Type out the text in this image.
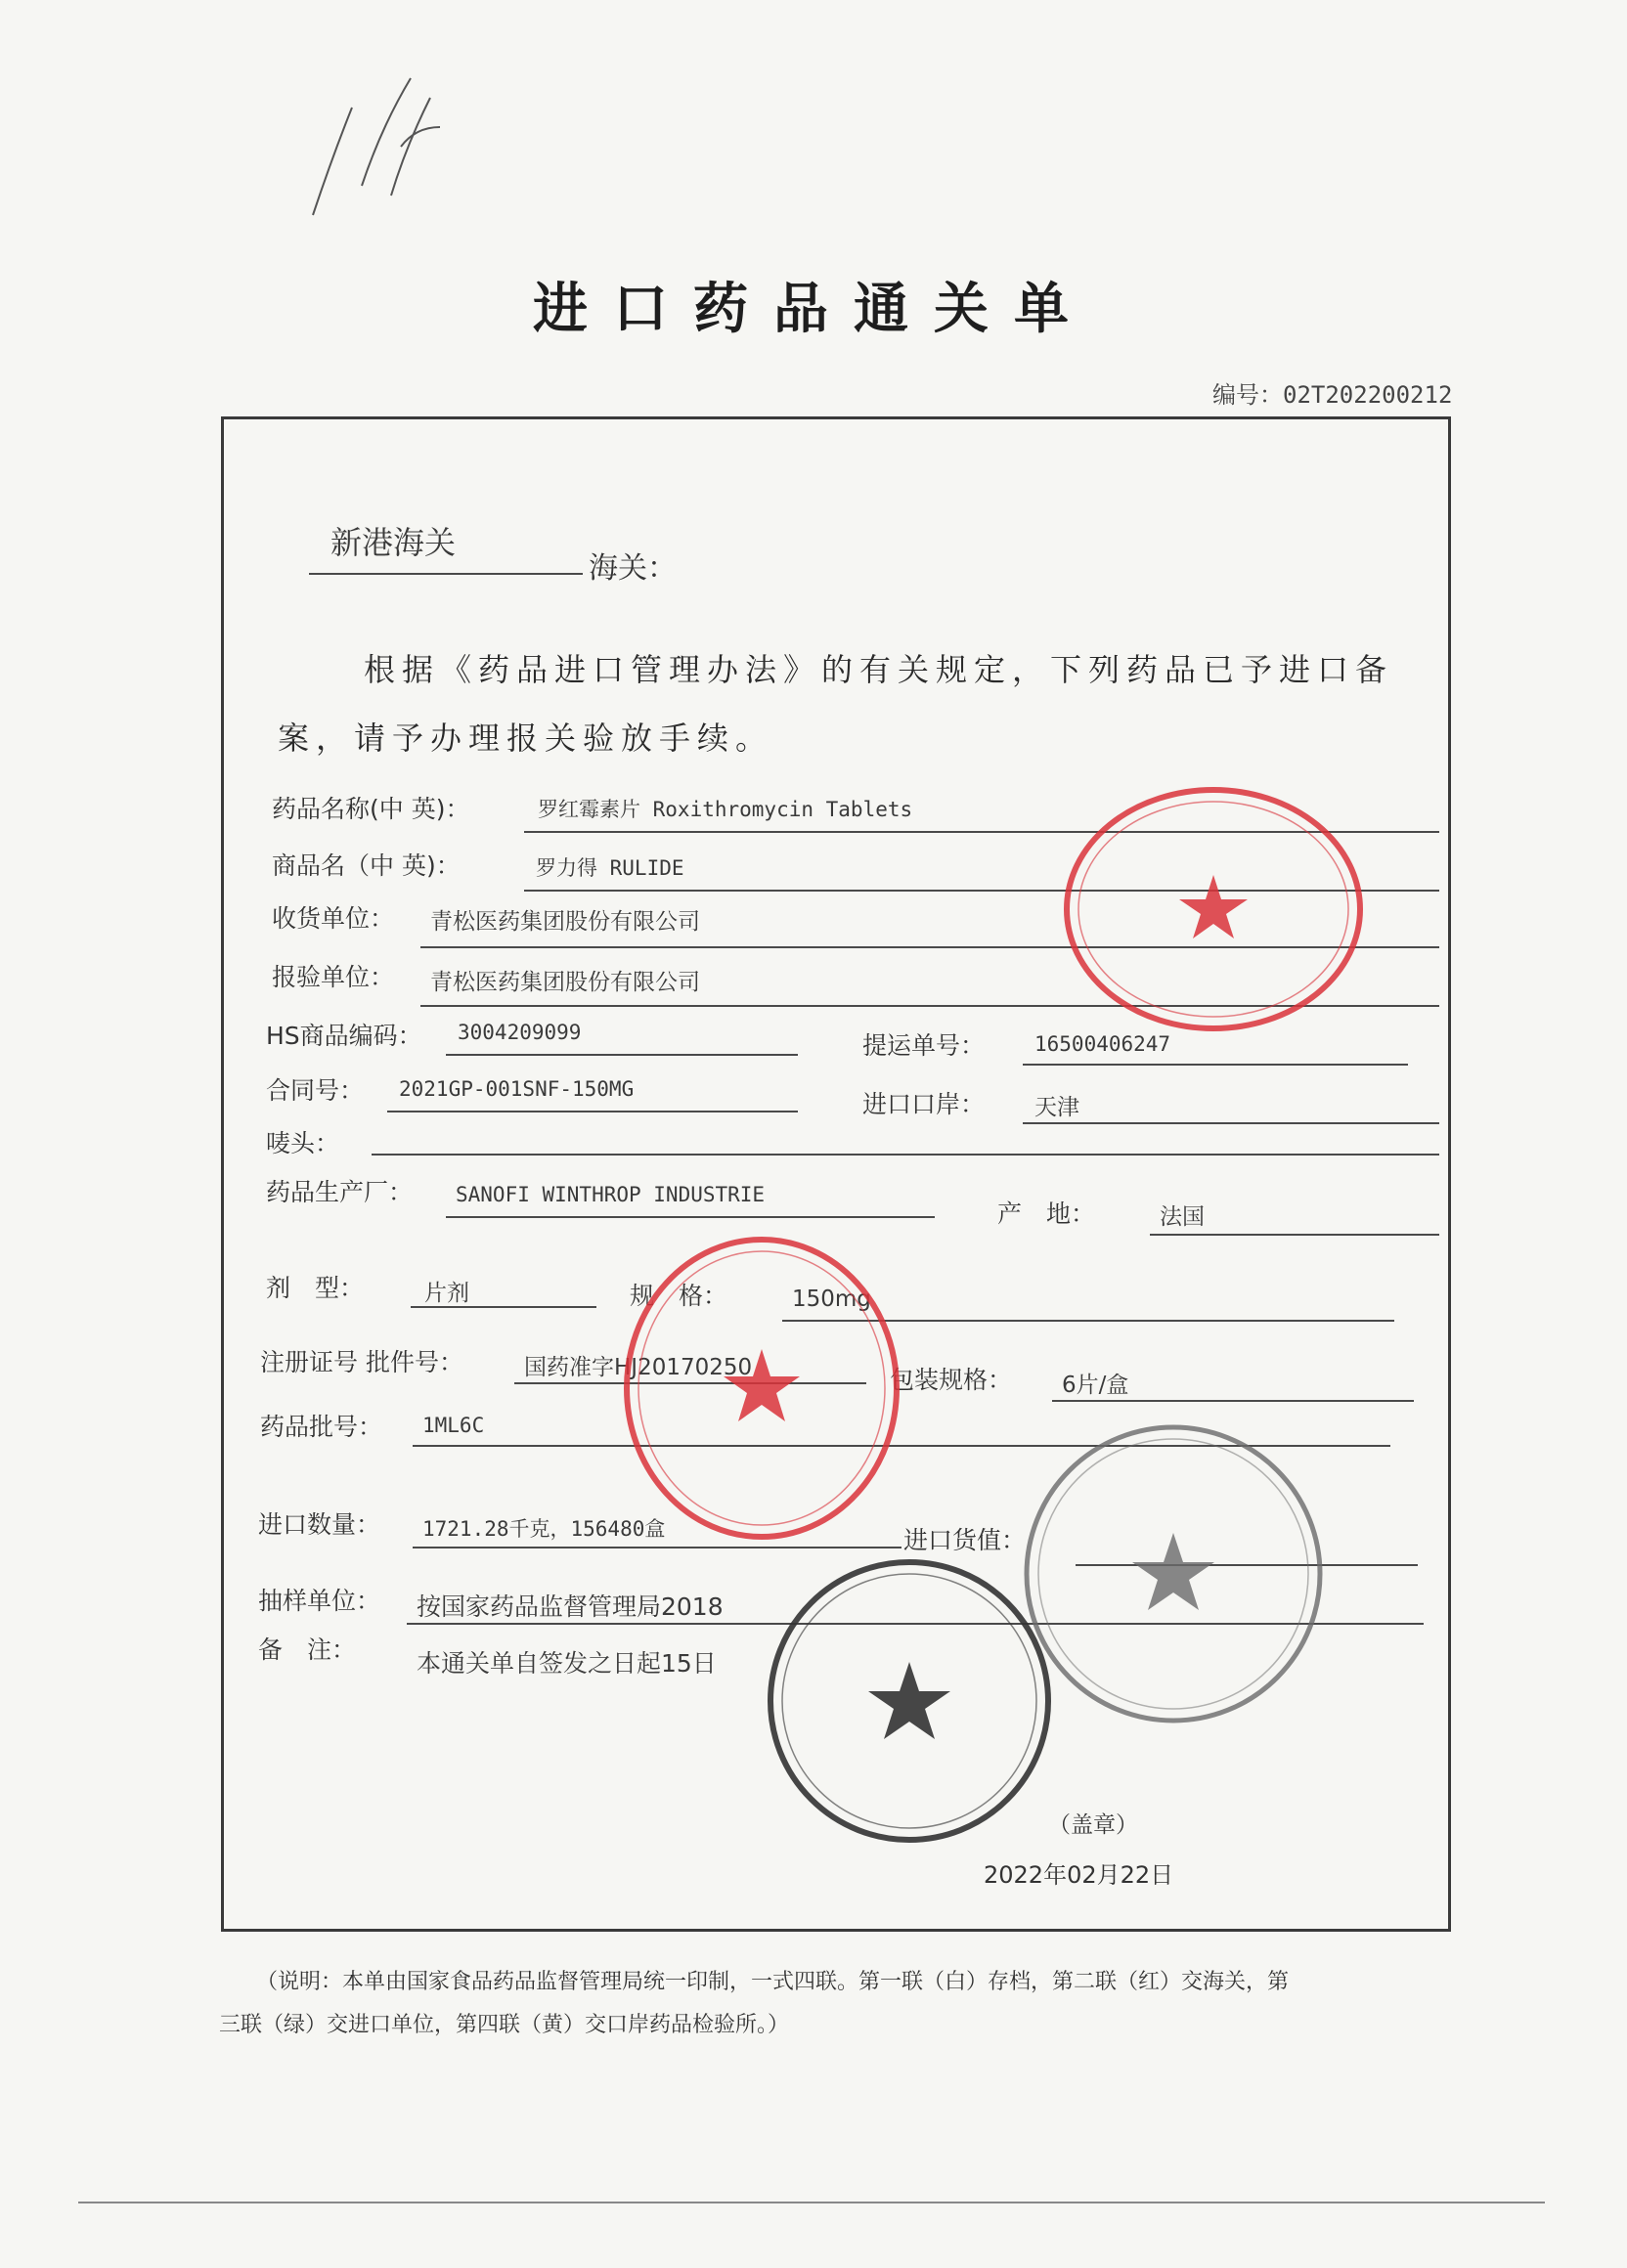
进口药品通关单
编号：02T202200212
新港海关
海关：
根据《药品进口管理办法》的有关规定，下列药品已予进口备
案，请予办理报关验放手续。
药品名称(中 英)：	罗红霉素片 Roxithromycin Tablets
商品名（中 英)：	罗力得 RULIDE
收货单位： 青松医药集团股份有限公司
报验单位： 青松医药集团股份有限公司
HS商品编码： 3004209099	提运单号： 16500406247
合同号： 2021GP-001SNF-150MG
进口口岸： 天津
唛头：
药品生产厂： SANOFI WINTHROP INDUSTRIE
产　地：	法国
剂　型：	片剂	规　格：	150mg
注册证号 批件号：	国药准字HJ20170250	包装规格： 6片/盒
药品批号： 1ML6C
进口数量： 1721.28千克，156480盒	进口货值：
抽样单位： 按国家药品监督管理局2018
备　注： 本通关单自签发之日起15日
（盖章）
2022年02月22日
（说明：本单由国家食品药品监督管理局统一印制，一式四联。第一联（白）存档，第二联（红）交海关，第
三联（绿）交进口单位，第四联（黄）交口岸药品检验所。）
